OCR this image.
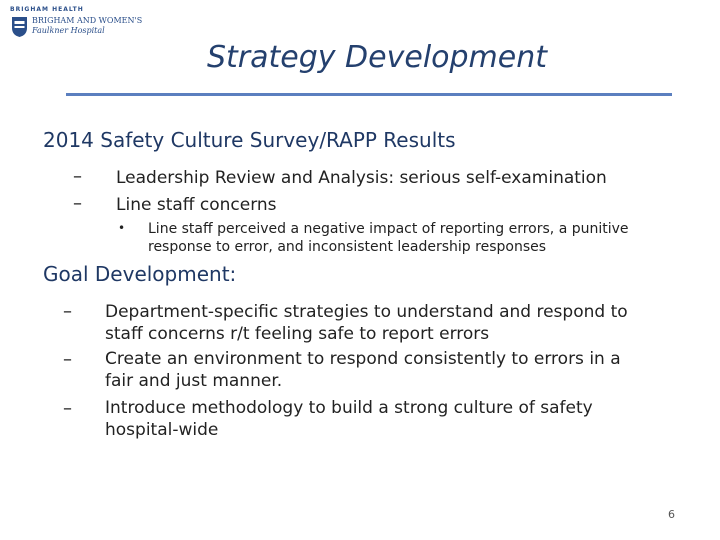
BRIGHAM HEALTH
BRIGHAM AND WOMEN'S
Faulkner Hospital
Strategy Development
2014 Safety Culture Survey/RAPP Results
– Leadership Review and Analysis: serious self-examination
– Line staff concerns
• Line staff perceived a negative impact of reporting errors, a punitive
response to error, and inconsistent leadership responses
Goal Development:
– Department-specific strategies to understand and respond to
staff concerns r/t feeling safe to report errors
– Create an environment to respond consistently to errors in a
fair and just manner.
– Introduce methodology to build a strong culture of safety
hospital-wide
6
